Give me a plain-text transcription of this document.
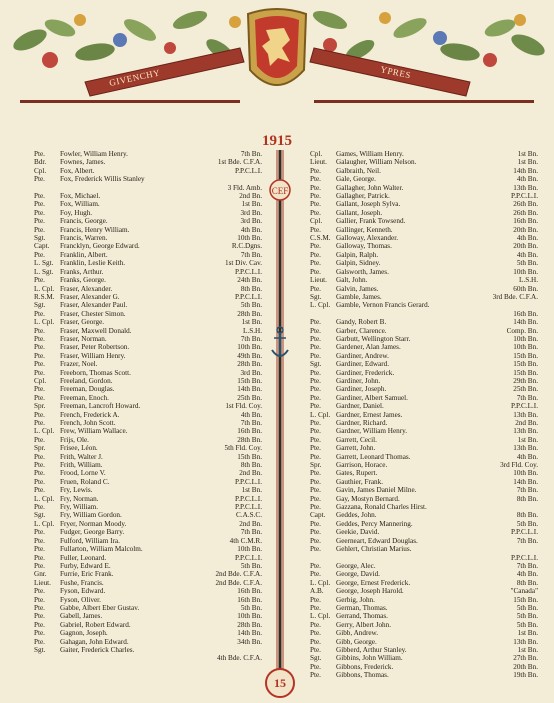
GIVENCHY	YPRES
1915
CEF
Pte.	Fowler, William Henry.	7th Bn.
Bdr.	Fownes, James.	1st Bde. C.F.A.
Cpl.	Fox, Albert.	P.P.C.L.I.
Pte.	Fox, Frederick Willis Stanley
3 Fld. Amb.
Pte.	Fox, Michael.	2nd Bn.
Pte.	Fox, William.	1st Bn.
Pte.	Foy, Hugh.	3rd Bn.
Pte.	Francis, George.	3rd Bn.
Pte.	Francis, Henry William.	4th Bn.
Sgt.	Francis, Warren.	10th Bn.
Capt.	Francklyn, George Edward.	R.C.Dgns.
Pte.	Franklin, Albert.	7th Bn.
L. Sgt. Franklin, Leslie Keith.	1st Div. Cav.
L. Sgt. Franks, Arthur.	P.P.C.L.I.
Pte.	Franks, George.	24th Bn.
L. Cpl. Fraser, Alexander.	8th Bn.
R.S.M. Fraser, Alexander G.	P.P.C.L.I.
Sgt.	Fraser, Alexander Paul.	5th Bn.
Pte.	Fraser, Chester Simon.	28th Bn.
L. Cpl. Fraser, George.	1st Bn.
Pte.	Fraser, Maxwell Donald.	L.S.H.
Pte.	Fraser, Norman.	7th Bn.
Pte.	Fraser, Peter Robertson.	10th Bn.
Pte.	Fraser, William Henry.	49th Bn.
Pte.	Frazer, Noel.	28th Bn.
Pte.	Freeborn, Thomas Scott.	3rd Bn.
Cpl.	Freeland, Gordon.	15th Bn.
Pte.	Freeman, Douglas.	14th Bn.
Pte.	Freeman, Enoch.	25th Bn.
Spr.	Freeman, Lancroft Howard.	1st Fld. Coy.
Pte.	French, Frederick A.	4th Bn.
Pte.	French, John Scott.	7th Bn.
L. Cpl. Frew, William Wallace.	16th Bn.
Pte.	Frijs, Ole.	28th Bn.
Spr.	Frisee, Léon.	5th Fld. Coy.
Pte.	Frith, Walter J.	15th Bn.
Pte.	Frith, William.	8th Bn.
Pte.	Frood, Lorne V.	2nd Bn.
Pte.	Fruen, Roland C.	P.P.C.L.I.
Pte.	Fry, Lewis.	1st Bn.
L. Cpl. Fry, Norman.	P.P.C.L.I.
Pte.	Fry, William.	P.P.C.L.I.
Sgt.	Fry, William Gordon.	C.A.S.C.
L. Cpl. Fryer, Norman Moody.	2nd Bn.
Pte.	Fudger, George Barry.	7th Bn.
Pte.	Fulford, William Ira.	4th C.M.R.
Pte.	Fullarton, William Malcolm.	10th Bn.
Pte.	Fuller, Leonard.	P.P.C.L.I.
Pte.	Furby, Edward E.	5th Bn.
Gnr.	Furrie, Eric Frank.	2nd Bde. C.F.A.
Lieut.	Fushe, Francis.	2nd Bde. C.F.A.
Pte.	Fyson, Edward.	16th Bn.
Pte.	Fyson, Oliver.	16th Bn.
Pte.	Gabbe, Albert Eber Gustav.	5th Bn.
Pte.	Gabell, James.	10th Bn.
Pte.	Gabriel, Robert Edward.	28th Bn.
Pte.	Gagnon, Joseph.	14th Bn.
Pte.	Gahagan, John Edward.	34th Bn.
Sgt.	Gaiter, Frederick Charles.
4th Bde. C.F.A.
Cpl.	Games, William Henry.	1st Bn.
Lieut.	Galaugher, William Nelson.	1st Bn.
Pte.	Galbraith, Neil.	14th Bn.
Pte.	Gale, George.	4th Bn.
Pte.	Gallagher, John Walter.	13th Bn.
Pte.	Gallagher, Patrick.	P.P.C.L.I.
Pte.	Gallant, Joseph Sylva.	26th Bn.
Pte.	Gallant, Joseph.	26th Bn.
Cpl.	Gallier, Frank Towsend.	16th Bn.
Pte.	Gallinger, Kenneth.	20th Bn.
C.S.M. Galloway, Alexander.	4th Bn.
Pte.	Galloway, Thomas.	20th Bn.
Pte.	Galpin, Ralph.	4th Bn.
Pte.	Galpin, Sidney.	5th Bn.
Pte.	Galsworth, James.	10th Bn.
Lieut.	Galt, John.	L.S.H.
Pte.	Galvin, James.	60th Bn.
Sgt.	Gamble, James.	3rd Bde. C.F.A.
L. Cpl. Gamble, Vernon Francis Gerard.
16th Bn.
Pte.	Gandy, Robert B.	14th Bn.
Pte.	Garber, Clarence.	Comp. Bn.
Pte.	Garbutt, Wellington Starr.	10th Bn.
Pte.	Gardener, Alan James.	10th Bn.
Pte.	Gardiner, Andrew.	15th Bn.
Sgt.	Gardiner, Edward.	15th Bn.
Pte.	Gardiner, Frederick.	15th Bn.
Pte.	Gardiner, John.	29th Bn.
Pte.	Gardiner, Joseph.	25th Bn.
Pte.	Gardiner, Albert Samuel.	7th Bn.
Pte.	Gardner, Daniel.	P.P.C.L.I.
L. Cpl. Gardner, Ernest James.	13th Bn.
Pte.	Gardner, Richard.	2nd Bn.
Pte.	Gardner, William Henry.	13th Bn.
Pte.	Garrett, Cecil.	1st Bn.
Pte.	Garrett, John.	13th Bn.
Pte.	Garrett, Leonard Thomas.	4th Bn.
Spr.	Garrison, Horace.	3rd Fld. Coy.
Pte.	Gates, Rupert.	10th Bn.
Pte.	Gauthier, Frank.	14th Bn.
Pte.	Gavin, James Daniel Milne.	7th Bn.
Pte.	Gay, Mostyn Bernard.	8th Bn.
Pte.	Gazzana, Ronald Charles Hirst.
Capt.	Geddes, John.	8th Bn.
Pte.	Geddes, Percy Mannering.	5th Bn.
Pte.	Geekie, David.	P.P.C.L.I.
Pte.	Geerneart, Edward Douglas.	7th Bn.
Pte.	Gehlert, Christian Marius.
P.P.C.L.I.
Pte.	George, Alec.	7th Bn.
Pte.	George, David.	4th Bn.
L. Cpl. George, Ernest Frederick.	8th Bn.
A.B.	George, Joseph Harold.	"Canada"
Pte.	Gerbig, John.	15th Bn.
Pte.	German, Thomas.	5th Bn.
L. Cpl. Gerrand, Thomas.	5th Bn.
Pte.	Gerry, Albert John.	5th Bn.
Pte.	Gibb, Andrew.	1st Bn.
Pte.	Gibb, George.	13th Bn.
Pte.	Gibberd, Arthur Stanley.	1st Bn.
Sgt.	Gibbins, John William.	27th Bn.
Pte.	Gibbons, Frederick.	20th Bn.
Pte.	Gibbons, Thomas.	19th Bn.
15
